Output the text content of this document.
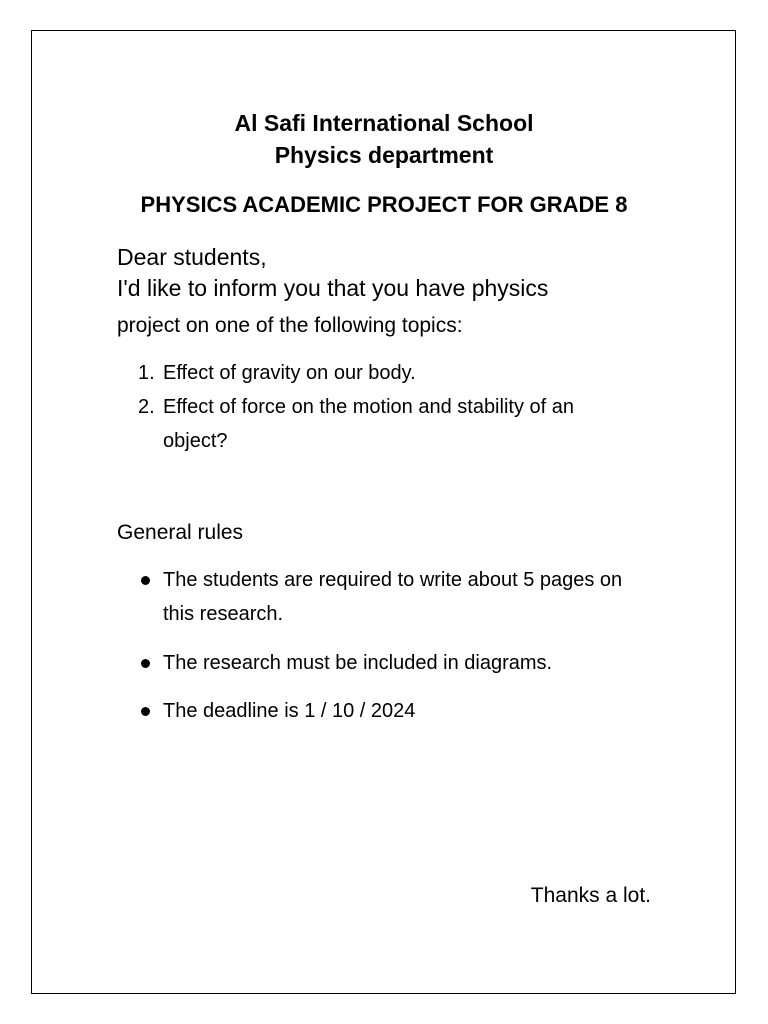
Al Safi International School

Physics department

PHYSICS ACADEMIC PROJECT FOR GRADE 8

Dear students,

I'd like to inform you that you have physics

project on one of the following topics:

1. Effect of gravity on our body.
2. Effect of force on the motion and stability of an object?

General rules

The students are required to write about 5 pages on this research.
The research must be included in diagrams.
The deadline is 1 / 10 / 2024

Thanks a lot.
